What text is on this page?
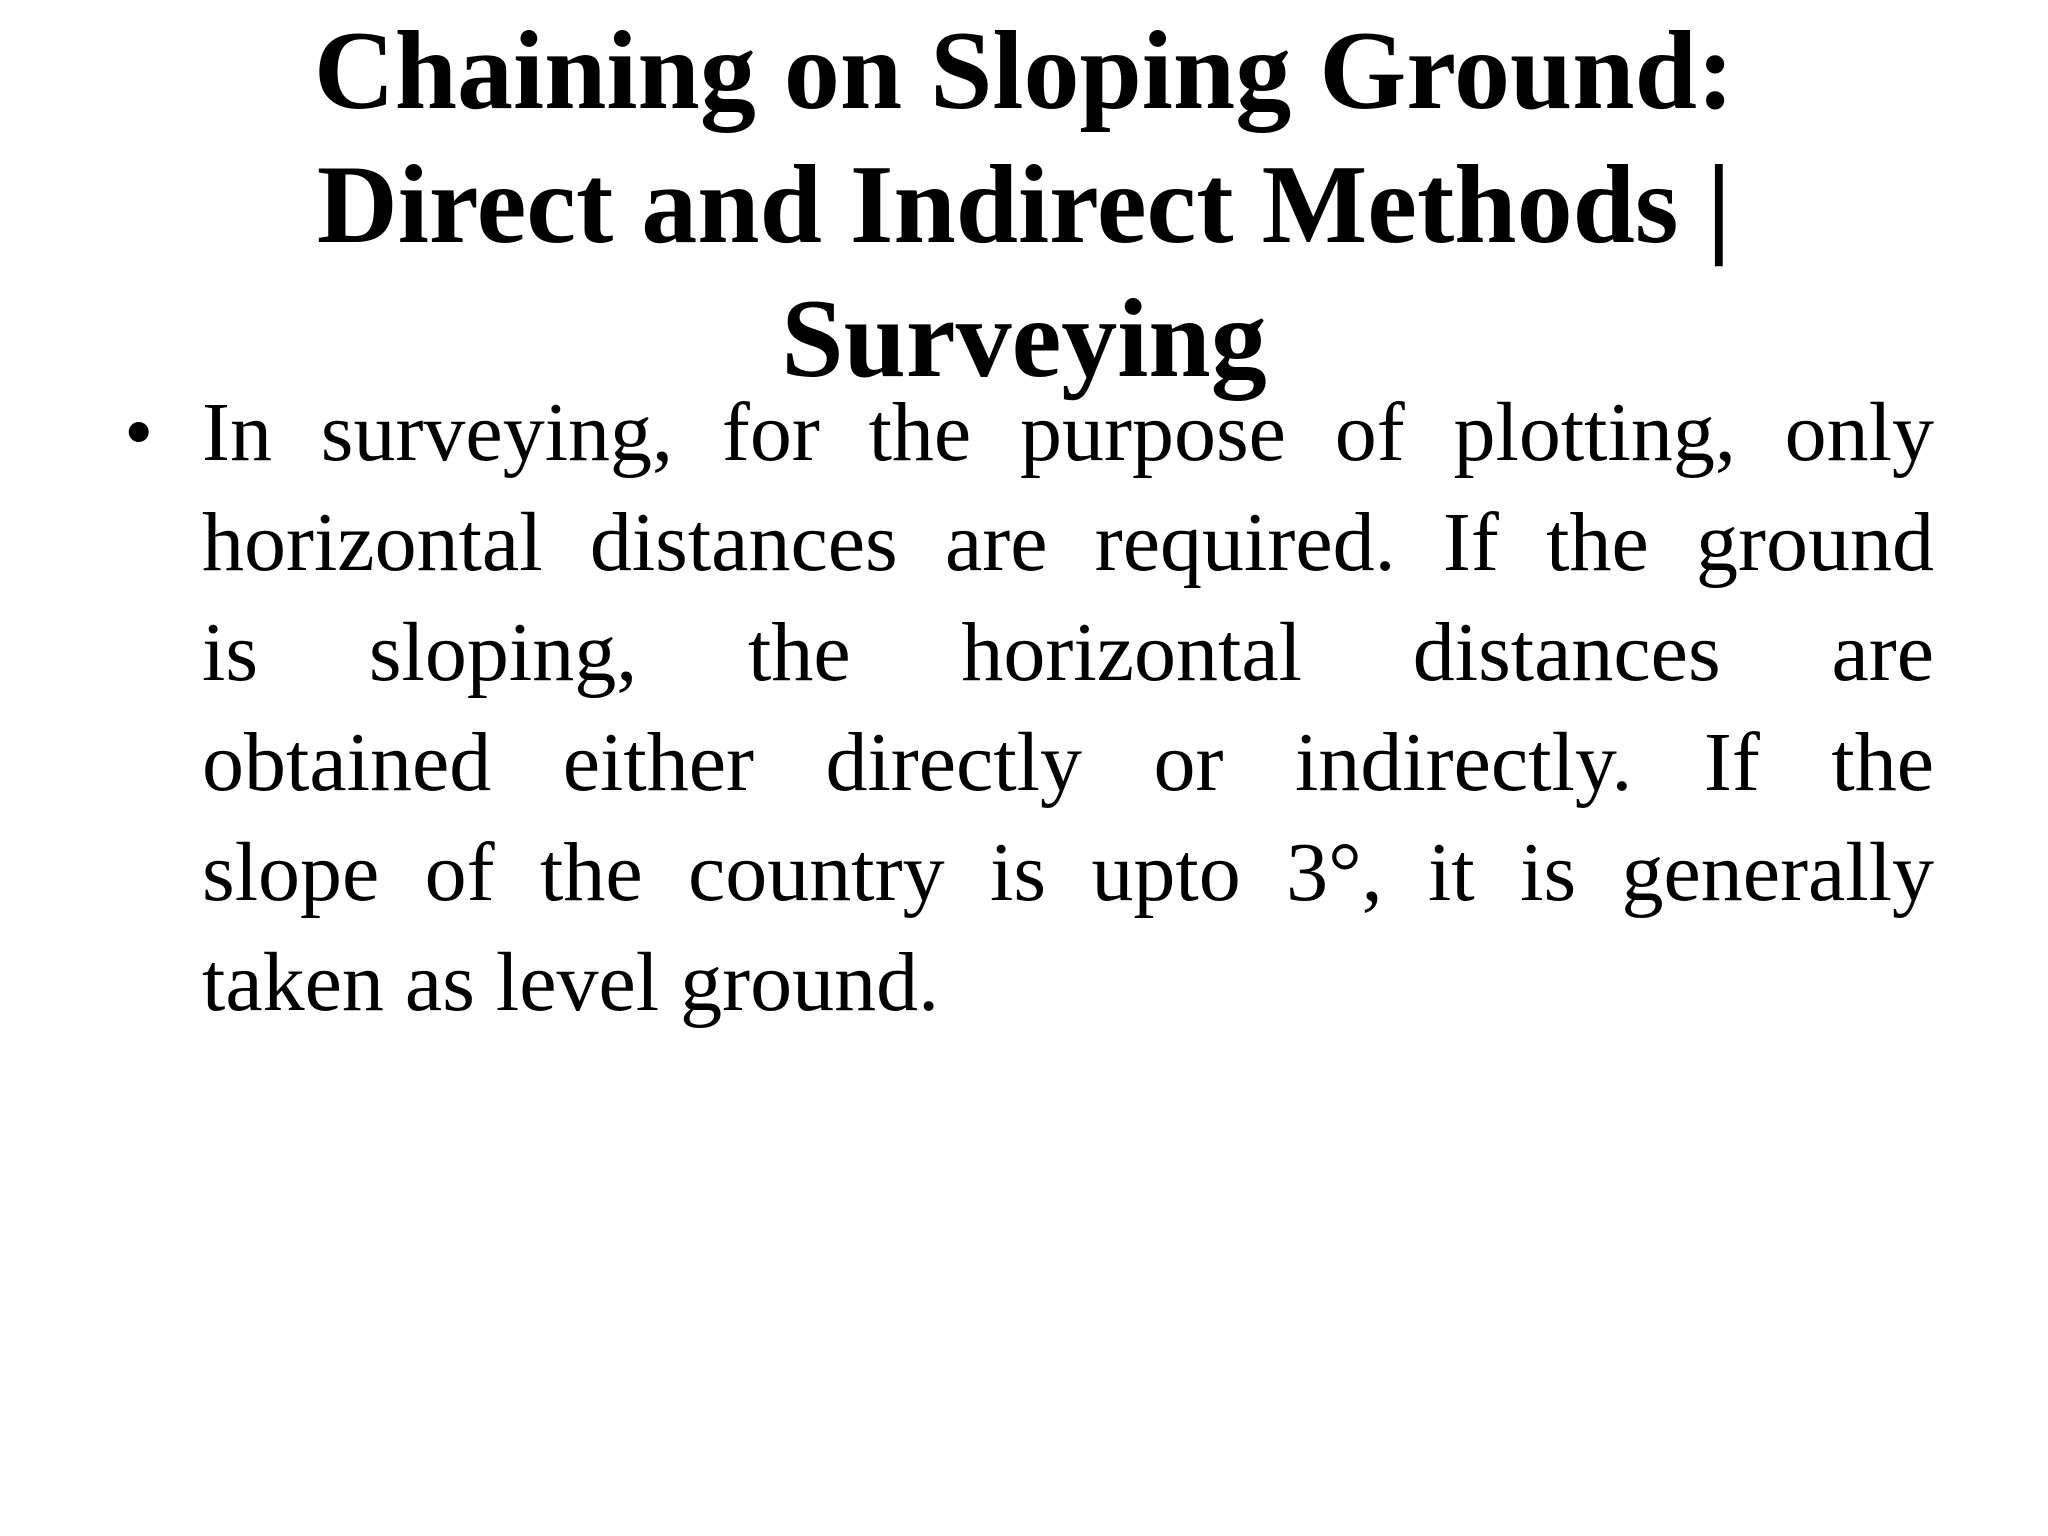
Chaining on Sloping Ground:
Direct and Indirect Methods |
Surveying
• In surveying, for the purpose of plotting, only
horizontal distances are required. If the ground
is sloping, the horizontal distances are
obtained either directly or indirectly. If the
slope of the country is upto 3°, it is generally
taken as level ground.
